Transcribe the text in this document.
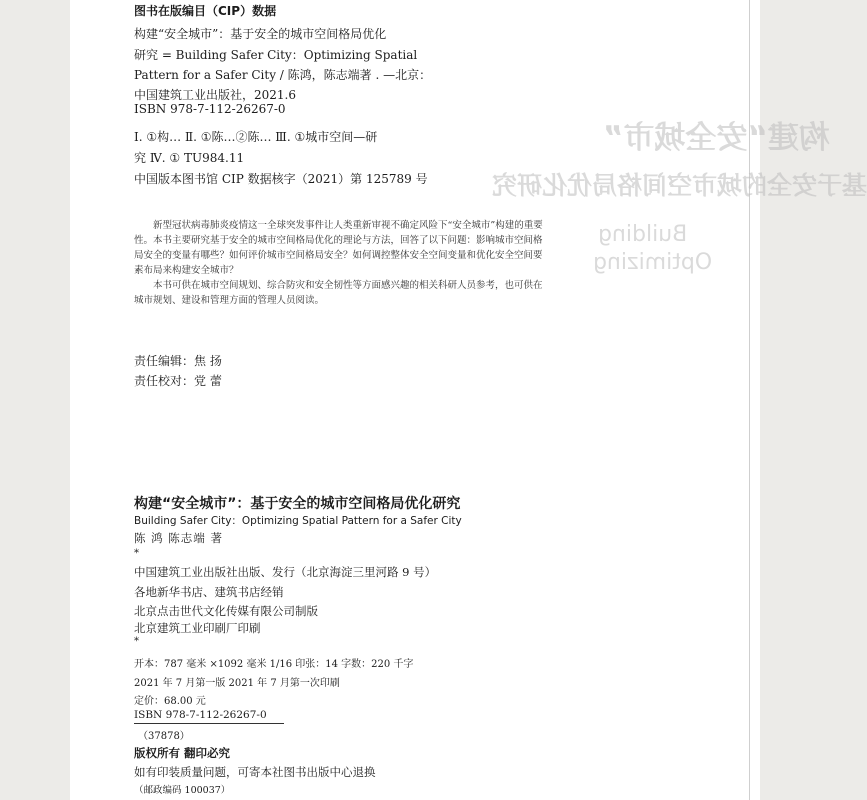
构建“安全城市”
基于安全的城市空间格局优化研究
Building
Optimizing
图书在版编目（CIP）数据
构建“安全城市”：基于安全的城市空间格局优化
研究 = Building Safer City：Optimizing Spatial
Pattern for a Safer City / 陈鸿，陈志端著 . —北京：
中国建筑工业出版社，2021.6
ISBN 978-7-112-26267-0
Ⅰ. ①构… Ⅱ. ①陈…②陈… Ⅲ. ①城市空间—研
究 Ⅳ. ① TU984.11
中国版本图书馆 CIP 数据核字（2021）第 125789 号

新型冠状病毒肺炎疫情这一全球突发事件让人类重新审视不确定风险下“安全城市”构建的重要性。本书主要研究基于安全的城市空间格局优化的理论与方法，回答了以下问题：影响城市空间格局安全的变量有哪些？如何评价城市空间格局安全？如何调控整体安全空间变量和优化安全空间要素布局来构建安全城市？

本书可供在城市空间规划、综合防灾和安全韧性等方面感兴趣的相关科研人员参考，也可供在城市规划、建设和管理方面的管理人员阅读。

责任编辑：焦 扬
责任校对：党 蕾
构建“安全城市”：基于安全的城市空间格局优化研究
Building Safer City：Optimizing Spatial Pattern for a Safer City
陈 鸿 陈志端 著
*
中国建筑工业出版社出版、发行（北京海淀三里河路 9 号）
各地新华书店、建筑书店经销
北京点击世代文化传媒有限公司制版
北京建筑工业印刷厂印刷
*
开本：787 毫米 ×1092 毫米 1/16 印张：14 字数：220 千字
2021 年 7 月第一版 2021 年 7 月第一次印刷
定价：68.00 元
ISBN 978-7-112-26267-0
（37878）
版权所有 翻印必究
如有印装质量问题，可寄本社图书出版中心退换
（邮政编码 100037）
